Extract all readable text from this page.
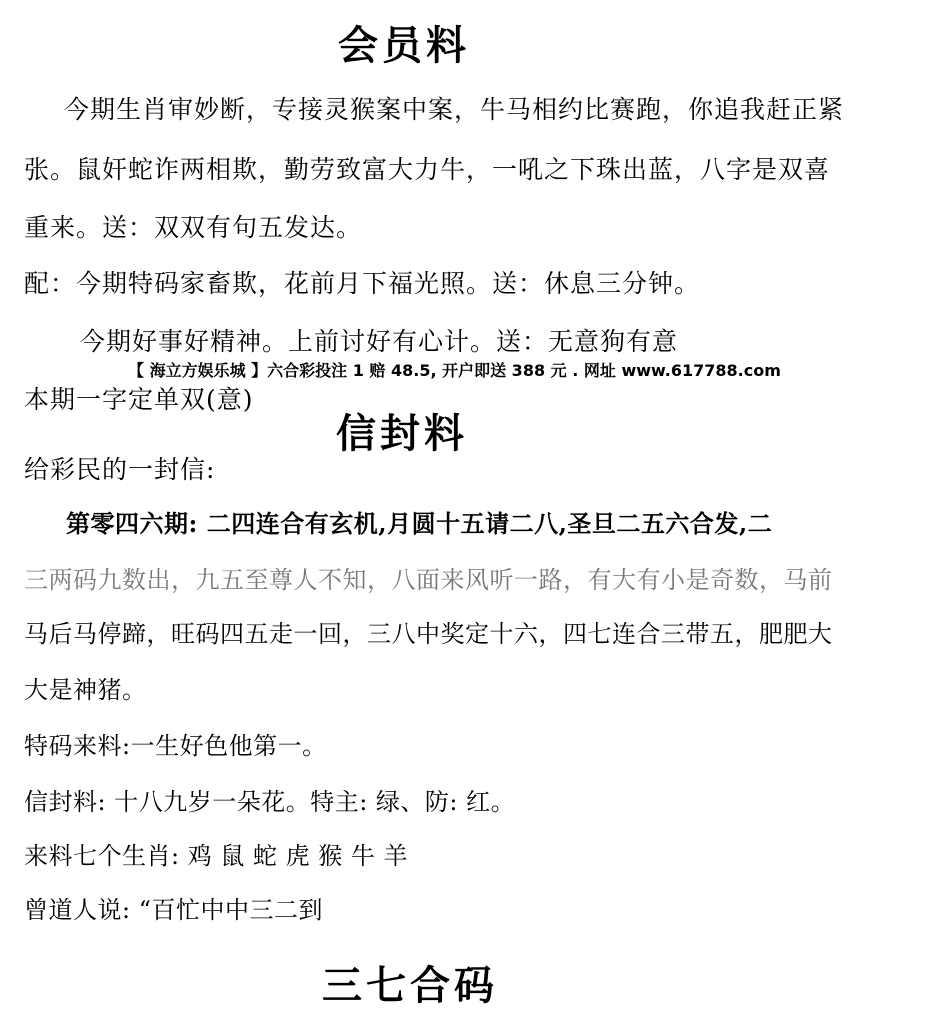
会员料
今期生肖审妙断，专接灵猴案中案，牛马相约比赛跑，你追我赶正紧
张。鼠奸蛇诈两相欺，勤劳致富大力牛，一吼之下珠出蓝，八字是双喜
重来。送：双双有句五发达。
配：今期特码家畜欺，花前月下福光照。送：休息三分钟。
今期好事好精神。上前讨好有心计。送：无意狗有意
【 海立方娱乐城 】六合彩投注 1 赔 48.5, 开户即送 388 元 . 网址 www.617788.com
本期一字定单双(意)
信封料
给彩民的一封信:
第零四六期: 二四连合有玄机,月圆十五请二八,圣旦二五六合发,二
三两码九数出，九五至尊人不知，八面来风听一路，有大有小是奇数，马前
马后马停蹄，旺码四五走一回，三八中奖定十六，四七连合三带五，肥肥大
大是神猪。
特码来料:一生好色他第一。
信封料: 十八九岁一朵花。特主: 绿、防: 红。
来料七个生肖: 鸡 鼠 蛇 虎 猴 牛 羊
曾道人说: “百忙中中三二到
三七合码
